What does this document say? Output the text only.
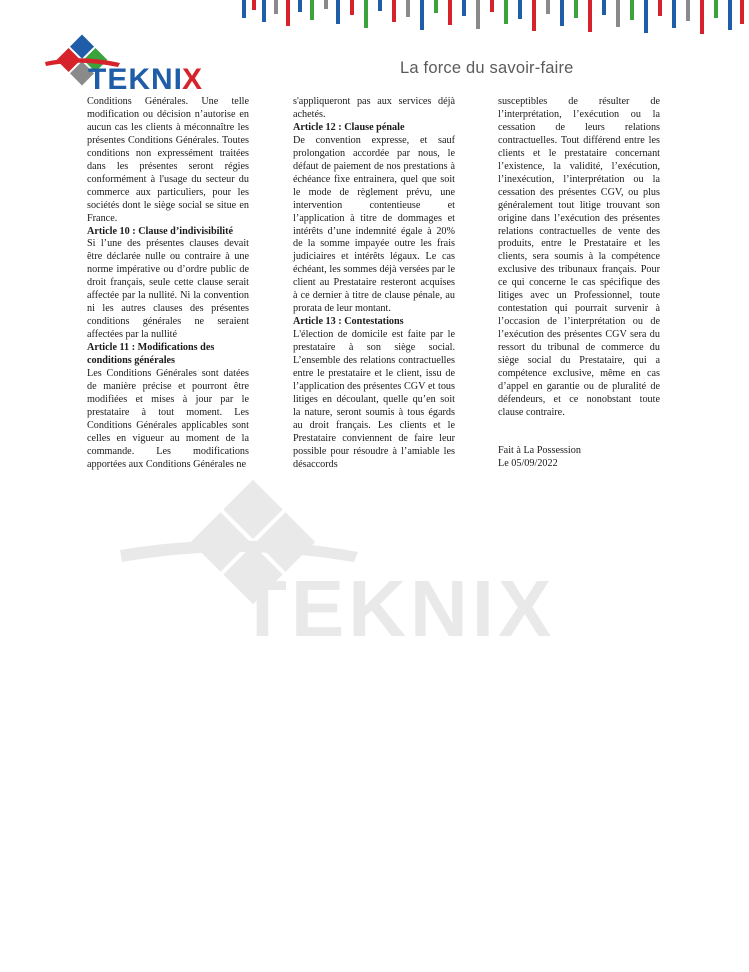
TEKNI X	La force du savoir-faire
TEKNIX

Conditions Générales. Une telle modification ou décision n’autorise en aucun cas les clients à méconnaître les présentes Conditions Générales. Toutes conditions non expressément traitées dans les présentes seront régies conformément à l'usage du secteur du commerce aux particuliers, pour les sociétés dont le siège social se situe en France.

Article 10 : Clause d’indivisibilité

Si l’une des présentes clauses devait être déclarée nulle ou contraire à une norme impérative ou d’ordre public de droit français, seule cette clause serait affectée par la nullité. Ni la convention ni les autres clauses des présentes conditions générales ne seraient affectées par la nullité

Article 11 : Modifications des conditions générales

Les Conditions Générales sont datées de manière précise et pourront être modifiées et mises à jour par le prestataire à tout moment. Les Conditions Générales applicables sont celles en vigueur au moment de la commande. Les modifications apportées aux Conditions Générales ne

s'appliqueront pas aux services déjà achetés.

Article 12 : Clause pénale

De convention expresse, et sauf prolongation accordée par nous, le défaut de paiement de nos prestations à échéance fixe entrainera, quel que soit le mode de règlement prévu, une intervention contentieuse et l’application à titre de dommages et intérêts d’une indemnité égale à 20% de la somme impayée outre les frais judiciaires et intérêts légaux. Le cas échéant, les sommes déjà versées par le client au Prestataire resteront acquises à ce dernier à titre de clause pénale, au prorata de leur montant.

Article 13 : Contestations

L'élection de domicile est faite par le prestataire à son siège social. L’ensemble des relations contractuelles entre le prestataire et le client, issu de l’application des présentes CGV et tous litiges en découlant, quelle qu’en soit la nature, seront soumis à tous égards au droit français. Les clients et le Prestataire conviennent de faire leur possible pour résoudre à l’amiable les désaccords

susceptibles de résulter de l’interprétation, l’exécution ou la cessation de leurs relations contractuelles. Tout différend entre les clients et le prestataire concernant l’existence, la validité, l’exécution, l’inexécution, l’interprétation ou la cessation des présentes CGV, ou plus généralement tout litige trouvant son origine dans l’exécution des présentes relations contractuelles de vente des produits, entre le Prestataire et les clients, sera soumis à la compétence exclusive des tribunaux français. Pour ce qui concerne le cas spécifique des litiges avec un Professionnel, toute contestation qui pourrait survenir à l’occasion de l’interprétation ou de l’exécution des présentes CGV sera du ressort du tribunal de commerce du siège social du Prestataire, qui a compétence exclusive, même en cas d’appel en garantie ou de pluralité de défendeurs, et ce nonobstant toute clause contraire.

Fait à La Possession

Le 05/09/2022
